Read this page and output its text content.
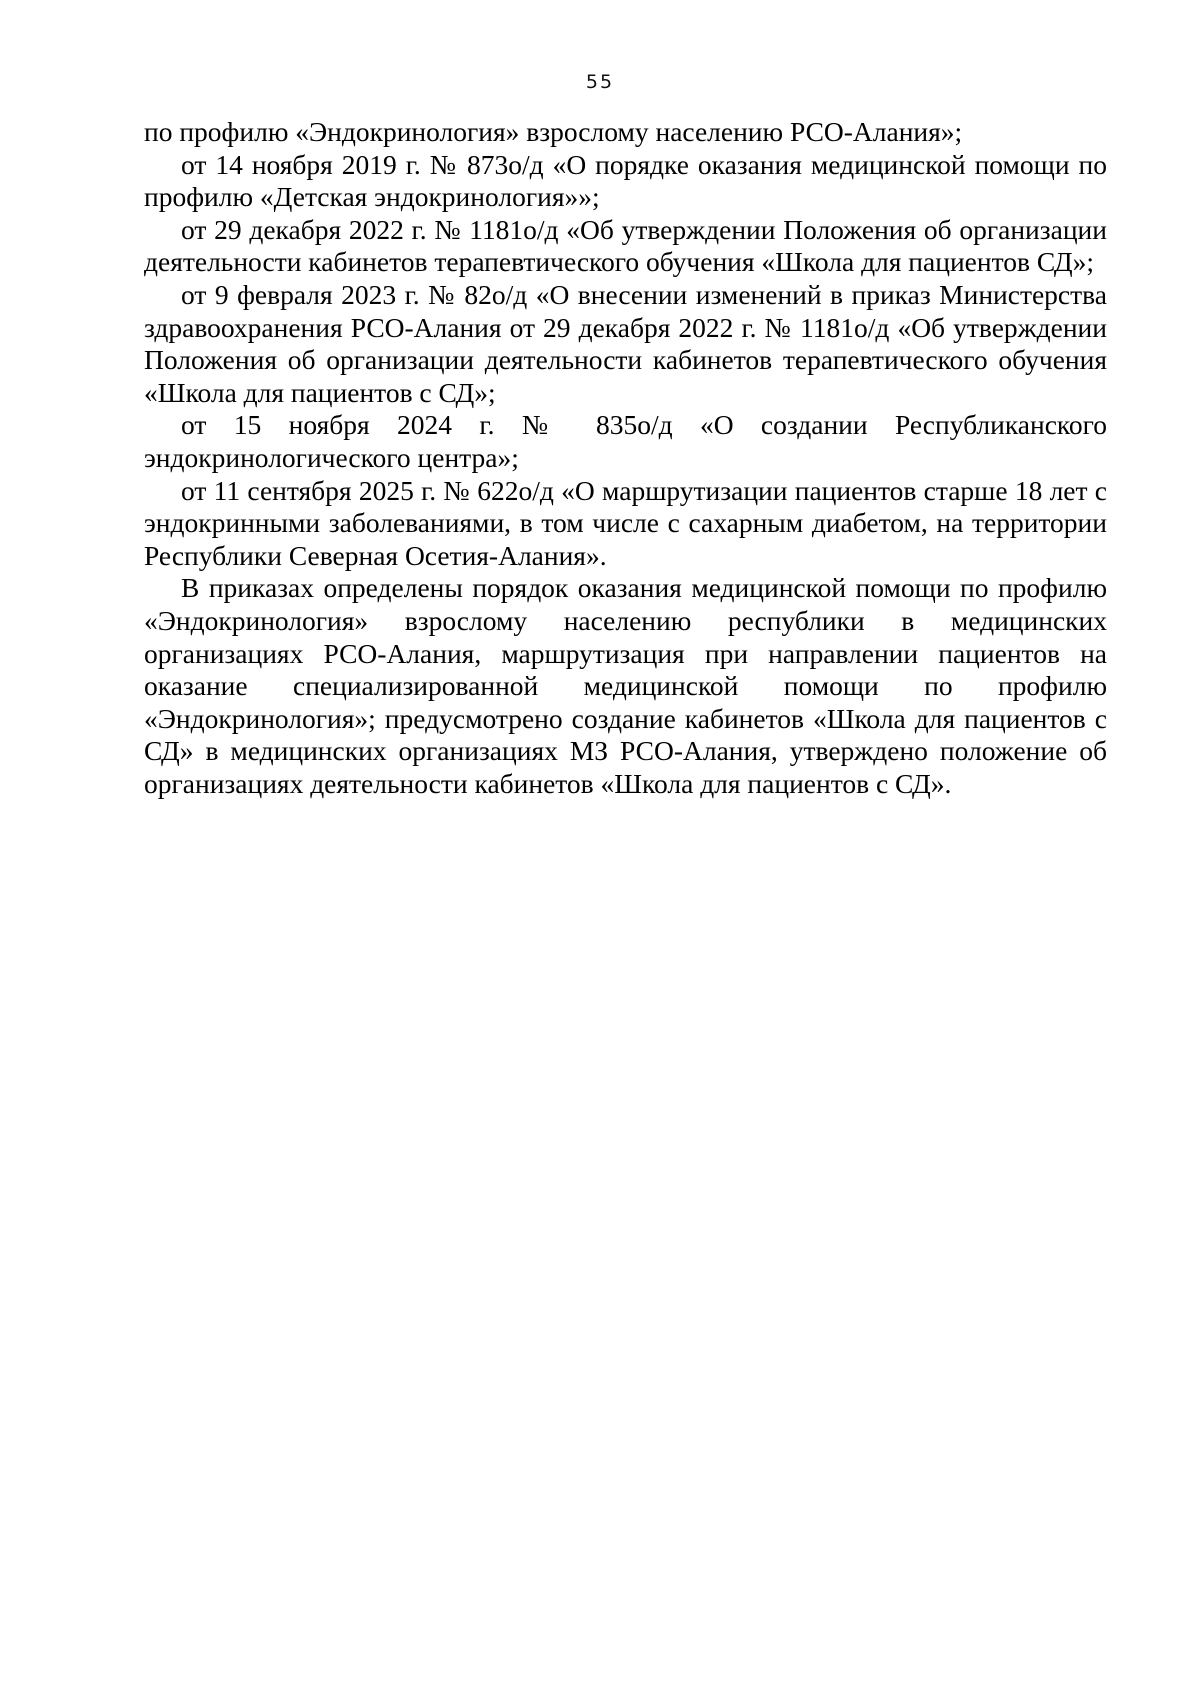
55

по профилю «Эндокринология» взрослому населению РСО-Алания»;

от 14 ноября 2019 г. № 873о/д «О порядке оказания медицинской помощи по профилю «Детская эндокринология»»;

от 29 декабря 2022 г. № 1181о/д «Об утверждении Положения об организации деятельности кабинетов терапевтического обучения «Школа для пациентов СД»;

от 9 февраля 2023 г. № 82о/д «О внесении изменений в приказ Министерства здравоохранения РСО-Алания от 29 декабря 2022 г. № 1181о/д «Об утверждении Положения об организации деятельности кабинетов терапевтического обучения «Школа для пациентов с СД»;

от 15 ноября 2024 г. № 835о/д «О создании Республиканского эндокринологического центра»;

от 11 сентября 2025 г. № 622о/д «О маршрутизации пациентов старше 18 лет с эндокринными заболеваниями, в том числе с сахарным диабетом, на территории Республики Северная Осетия-Алания».

В приказах определены порядок оказания медицинской помощи по профилю «Эндокринология» взрослому населению республики в медицинских организациях РСО-Алания, маршрутизация при направлении пациентов на оказание специализированной медицинской помощи по профилю «Эндокринология»; предусмотрено создание кабинетов «Школа для пациентов с СД» в медицинских организациях МЗ РСО-Алания, утверждено положение об организациях деятельности кабинетов «Школа для пациентов с СД».
